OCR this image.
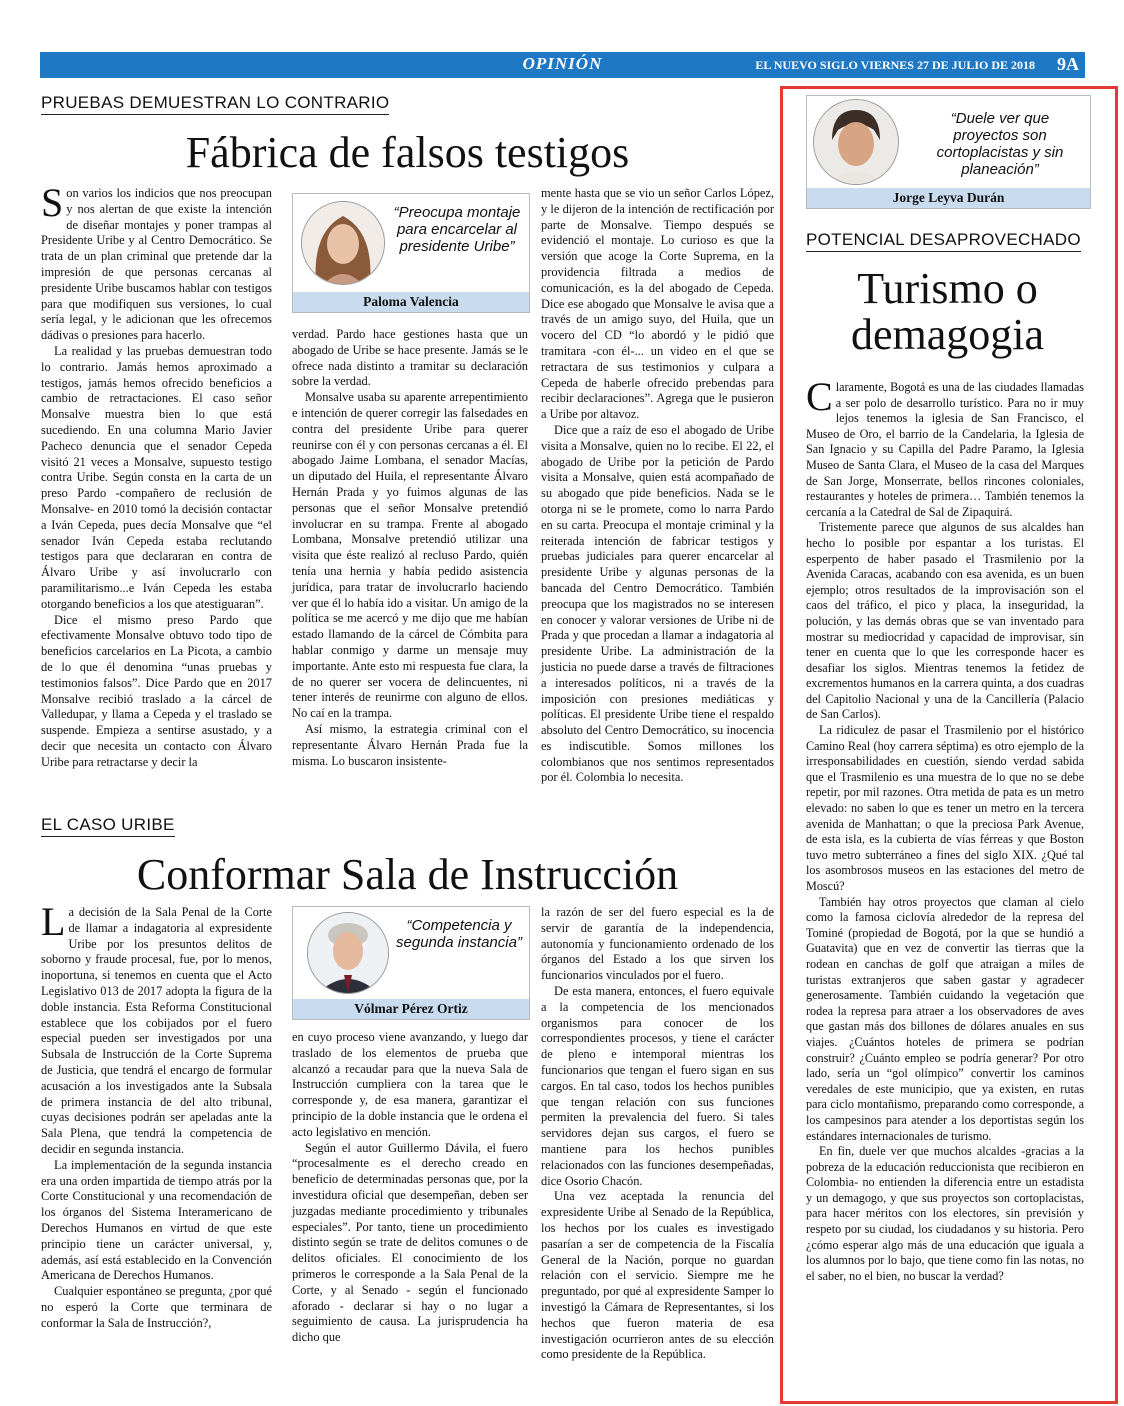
OPINIÓN	EL NUEVO SIGLO VIERNES 27 DE JULIO DE 2018 9A
PRUEBAS DEMUESTRAN LO CONTRARIO
Fábrica de falsos testigos

Son varios los indicios que nos preocupan y nos alertan de que existe la intención de diseñar montajes y poner trampas al Presidente Uribe y al Centro Democrático. Se trata de un plan criminal que pretende dar la impresión de que personas cercanas al presidente Uribe buscamos hablar con testigos para que modifiquen sus versiones, lo cual sería legal, y le adicionan que les ofrecemos dádivas o presiones para hacerlo.

La realidad y las pruebas demuestran todo lo contrario. Jamás hemos aproximado a testigos, jamás hemos ofrecido beneficios a cambio de retractaciones. El caso señor Monsalve muestra bien lo que está sucediendo. En una columna Mario Javier Pacheco denuncia que el senador Cepeda visitó 21 veces a Monsalve, supuesto testigo contra Uribe. Según consta en la carta de un preso Pardo -compañero de reclusión de Monsalve- en 2010 tomó la decisión contactar a Iván Cepeda, pues decía Monsalve que “el senador Iván Cepeda estaba reclutando testigos para que declararan en contra de Álvaro Uribe y así involucrarlo con paramilitarismo...e Iván Cepeda les estaba otorgando beneficios a los que atestiguaran”.

Dice el mismo preso Pardo que efectivamente Monsalve obtuvo todo tipo de beneficios carcelarios en La Picota, a cambio de lo que él denomina “unas pruebas y testimonios falsos”. Dice Pardo que en 2017 Monsalve recibió traslado a la cárcel de Valledupar, y llama a Cepeda y el traslado se suspende. Empieza a sentirse asustado, y a decir que necesita un contacto con Álvaro Uribe para retractarse y decir la

“Preocupa montaje para encarcelar al presidente Uribe”
Paloma Valencia

verdad. Pardo hace gestiones hasta que un abogado de Uribe se hace presente. Jamás se le ofrece nada distinto a tramitar su declaración sobre la verdad.

Monsalve usaba su aparente arrepentimiento e intención de querer corregir las falsedades en contra del presidente Uribe para querer reunirse con él y con personas cercanas a él. El abogado Jaime Lombana, el senador Macías, un diputado del Huila, el representante Álvaro Hernán Prada y yo fuimos algunas de las personas que el señor Monsalve pretendió involucrar en su trampa. Frente al abogado Lombana, Monsalve pretendió utilizar una visita que éste realizó al recluso Pardo, quién tenía una hernia y había pedido asistencia jurídica, para tratar de involucrarlo haciendo ver que él lo había ido a visitar. Un amigo de la política se me acercó y me dijo que me habían estado llamando de la cárcel de Cómbita para hablar conmigo y darme un mensaje muy importante. Ante esto mi respuesta fue clara, la de no querer ser vocera de delincuentes, ni tener interés de reunirme con alguno de ellos. No caí en la trampa.

Así mismo, la estrategia criminal con el representante Álvaro Hernán Prada fue la misma. Lo buscaron insistente-

mente hasta que se vio un señor Carlos López, y le dijeron de la intención de rectificación por parte de Monsalve. Tiempo después se evidenció el montaje. Lo curioso es que la versión que acoge la Corte Suprema, en la providencia filtrada a medios de comunicación, es la del abogado de Cepeda. Dice ese abogado que Monsalve le avisa que a través de un amigo suyo, del Huila, que un vocero del CD “lo abordó y le pidió que tramitara -con él-... un video en el que se retractara de sus testimonios y culpara a Cepeda de haberle ofrecido prebendas para recibir declaraciones”. Agrega que le pusieron a Uribe por altavoz.

Dice que a raíz de eso el abogado de Uribe visita a Monsalve, quien no lo recibe. El 22, el abogado de Uribe por la petición de Pardo visita a Monsalve, quien está acompañado de su abogado que pide beneficios. Nada se le otorga ni se le promete, como lo narra Pardo en su carta. Preocupa el montaje criminal y la reiterada intención de fabricar testigos y pruebas judiciales para querer encarcelar al presidente Uribe y algunas personas de la bancada del Centro Democrático. También preocupa que los magistrados no se interesen en conocer y valorar versiones de Uribe ni de Prada y que procedan a llamar a indagatoria al presidente Uribe. La administración de la justicia no puede darse a través de filtraciones a interesados políticos, ni a través de la imposición con presiones mediáticas y políticas. El presidente Uribe tiene el respaldo absoluto del Centro Democrático, su inocencia es indiscutible. Somos millones los colombianos que nos sentimos representados por él. Colombia lo necesita.

EL CASO URIBE
Conformar Sala de Instrucción

La decisión de la Sala Penal de la Corte de llamar a indagatoria al expresidente Uribe por los presuntos delitos de soborno y fraude procesal, fue, por lo menos, inoportuna, si tenemos en cuenta que el Acto Legislativo 013 de 2017 adopta la figura de la doble instancia. Esta Reforma Constitucional establece que los cobijados por el fuero especial pueden ser investigados por una Subsala de Instrucción de la Corte Suprema de Justicia, que tendrá el encargo de formular acusación a los investigados ante la Subsala de primera instancia de del alto tribunal, cuyas decisiones podrán ser apeladas ante la Sala Plena, que tendrá la competencia de decidir en segunda instancia.

La implementación de la segunda instancia era una orden impartida de tiempo atrás por la Corte Constitucional y una recomendación de los órganos del Sistema Interamericano de Derechos Humanos en virtud de que este principio tiene un carácter universal, y, además, así está establecido en la Convención Americana de Derechos Humanos.

Cualquier espontáneo se pregunta, ¿por qué no esperó la Corte que terminara de conformar la Sala de Instrucción?,

“Competencia y segunda instancia”
Vólmar Pérez Ortiz

en cuyo proceso viene avanzando, y luego dar traslado de los elementos de prueba que alcanzó a recaudar para que la nueva Sala de Instrucción cumpliera con la tarea que le corresponde y, de esa manera, garantizar el principio de la doble instancia que le ordena el acto legislativo en mención.

Según el autor Guillermo Dávila, el fuero “procesalmente es el derecho creado en beneficio de determinadas personas que, por la investidura oficial que desempeñan, deben ser juzgadas mediante procedimiento y tribunales especiales”. Por tanto, tiene un procedimiento distinto según se trate de delitos comunes o de delitos oficiales. El conocimiento de los primeros le corresponde a la Sala Penal de la Corte, y al Senado - según el funcionado aforado - declarar si hay o no lugar a seguimiento de causa. La jurisprudencia ha dicho que

la razón de ser del fuero especial es la de servir de garantía de la independencia, autonomía y funcionamiento ordenado de los órganos del Estado a los que sirven los funcionarios vinculados por el fuero.

De esta manera, entonces, el fuero equivale a la competencia de los mencionados organismos para conocer de los correspondientes procesos, y tiene el carácter de pleno e intemporal mientras los funcionarios que tengan el fuero sigan en sus cargos. En tal caso, todos los hechos punibles que tengan relación con sus funciones permiten la prevalencia del fuero. Si tales servidores dejan sus cargos, el fuero se mantiene para los hechos punibles relacionados con las funciones desempeñadas, dice Osorio Chacón.

Una vez aceptada la renuncia del expresidente Uribe al Senado de la República, los hechos por los cuales es investigado pasarían a ser de competencia de la Fiscalía General de la Nación, porque no guardan relación con el servicio. Siempre me he preguntado, por qué al expresidente Samper lo investigó la Cámara de Representantes, si los hechos que fueron materia de esa investigación ocurrieron antes de su elección como presidente de la República.

“Duele ver que proyectos son cortoplacistas y sin planeación”
Jorge Leyva Durán
POTENCIAL DESAPROVECHADO
Turismo o
demagogia

Claramente, Bogotá es una de las ciudades llamadas a ser polo de desarrollo turístico. Para no ir muy lejos tenemos la iglesia de San Francisco, el Museo de Oro, el barrio de la Candelaria, la Iglesia de San Ignacio y su Capilla del Padre Paramo, la Iglesia Museo de Santa Clara, el Museo de la casa del Marques de San Jorge, Monserrate, bellos rincones coloniales, restaurantes y hoteles de primera… También tenemos la cercanía a la Catedral de Sal de Zipaquirá.

Tristemente parece que algunos de sus alcaldes han hecho lo posible por espantar a los turistas. El esperpento de haber pasado el Trasmilenio por la Avenida Caracas, acabando con esa avenida, es un buen ejemplo; otros resultados de la improvisación son el caos del tráfico, el pico y placa, la inseguridad, la polución, y las demás obras que se van inventado para mostrar su mediocridad y capacidad de improvisar, sin tener en cuenta que lo que les corresponde hacer es desafiar los siglos. Mientras tenemos la fetidez de excrementos humanos en la carrera quinta, a dos cuadras del Capitolio Nacional y una de la Cancillería (Palacio de San Carlos).

La ridiculez de pasar el Trasmilenio por el histórico Camino Real (hoy carrera séptima) es otro ejemplo de la irresponsabilidades en cuestión, siendo verdad sabida que el Trasmilenio es una muestra de lo que no se debe repetir, por mil razones. Otra metida de pata es un metro elevado: no saben lo que es tener un metro en la tercera avenida de Manhattan; o que la preciosa Park Avenue, de esta isla, es la cubierta de vías férreas y que Boston tuvo metro subterráneo a fines del siglo XIX. ¿Qué tal los asombrosos museos en las estaciones del metro de Moscú?

También hay otros proyectos que claman al cielo como la famosa ciclovía alrededor de la represa del Tominé (propiedad de Bogotá, por la que se hundió a Guatavita) que en vez de convertir las tierras que la rodean en canchas de golf que atraigan a miles de turistas extranjeros que saben gastar y agradecer generosamente. También cuidando la vegetación que rodea la represa para atraer a los observadores de aves que gastan más dos billones de dólares anuales en sus viajes. ¿Cuántos hoteles de primera se podrían construir? ¿Cuánto empleo se podría generar? Por otro lado, sería un “gol olímpico” convertir los caminos veredales de este municipio, que ya existen, en rutas para ciclo montañismo, preparando como corresponde, a los campesinos para atender a los deportistas según los estándares internacionales de turismo.

En fin, duele ver que muchos alcaldes -gracias a la pobreza de la educación reduccionista que recibieron en Colombia- no entienden la diferencia entre un estadista y un demagogo, y que sus proyectos son cortoplacistas, para hacer méritos con los electores, sin previsión y respeto por su ciudad, los ciudadanos y su historia. Pero ¿cómo esperar algo más de una educación que iguala a los alumnos por lo bajo, que tiene como fin las notas, no el saber, no el bien, no buscar la verdad?
